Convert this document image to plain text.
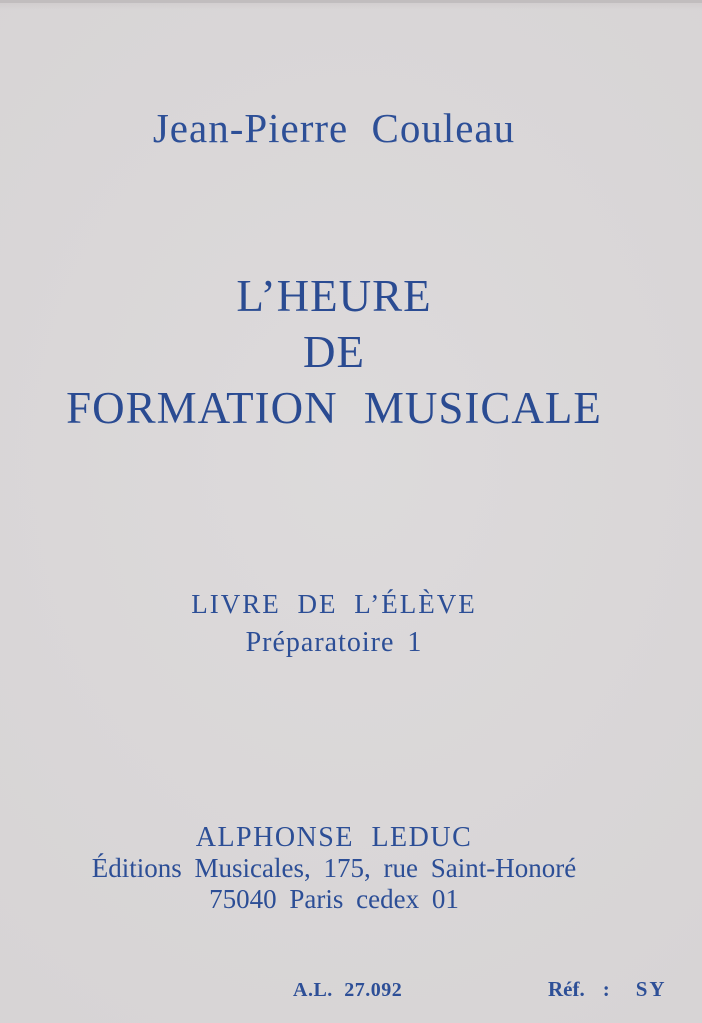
Jean-Pierre Couleau
L’HEURE
DE
FORMATION MUSICALE
LIVRE DE L’ÉLÈVE
Préparatoire 1
ALPHONSE LEDUC
Éditions Musicales, 175, rue Saint-Honoré
75040 Paris cedex 01
A.L. 27.092	Réf. : SY
